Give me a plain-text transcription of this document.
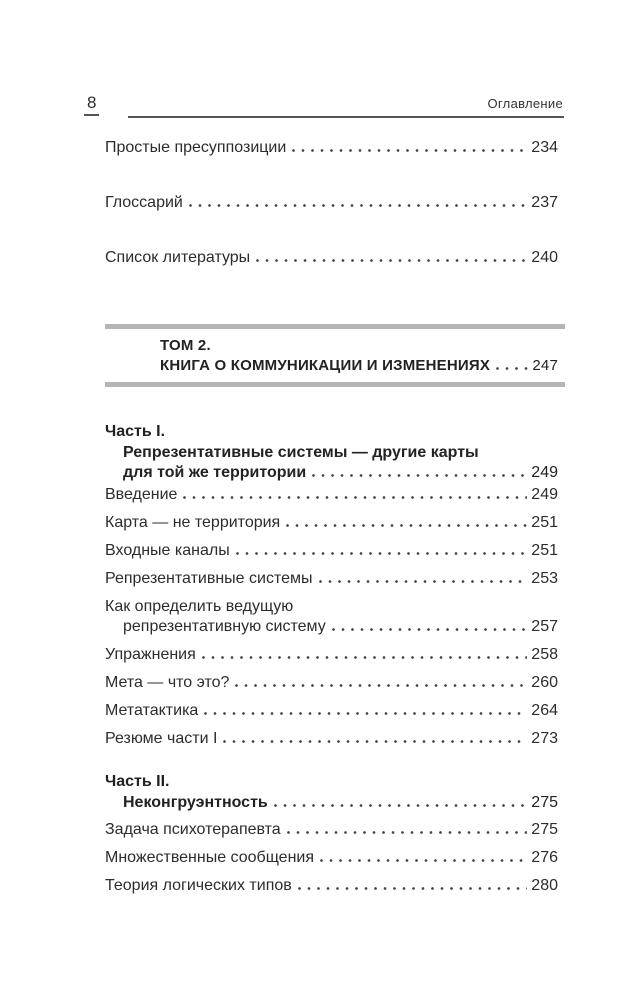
8	Оглавление
Простые пресуппозиции	234
Глоссарий	237
Список литературы	240
ТОМ 2.
КНИГА О КОММУНИКАЦИИ И ИЗМЕНЕНИЯХ	247
Часть I.
Репрезентативные системы — другие карты
для той же территории	249
Введение	249
Карта — не территория	251
Входные каналы	251
Репрезентативные системы	253
Как определить ведущую
репрезентативную систему	257
Упражнения	258
Мета — что это?	260
Метатактика	264
Резюме части I	273
Часть II.
Неконгруэнтность	275
Задача психотерапевта	275
Множественные сообщения	276
Теория логических типов	280
